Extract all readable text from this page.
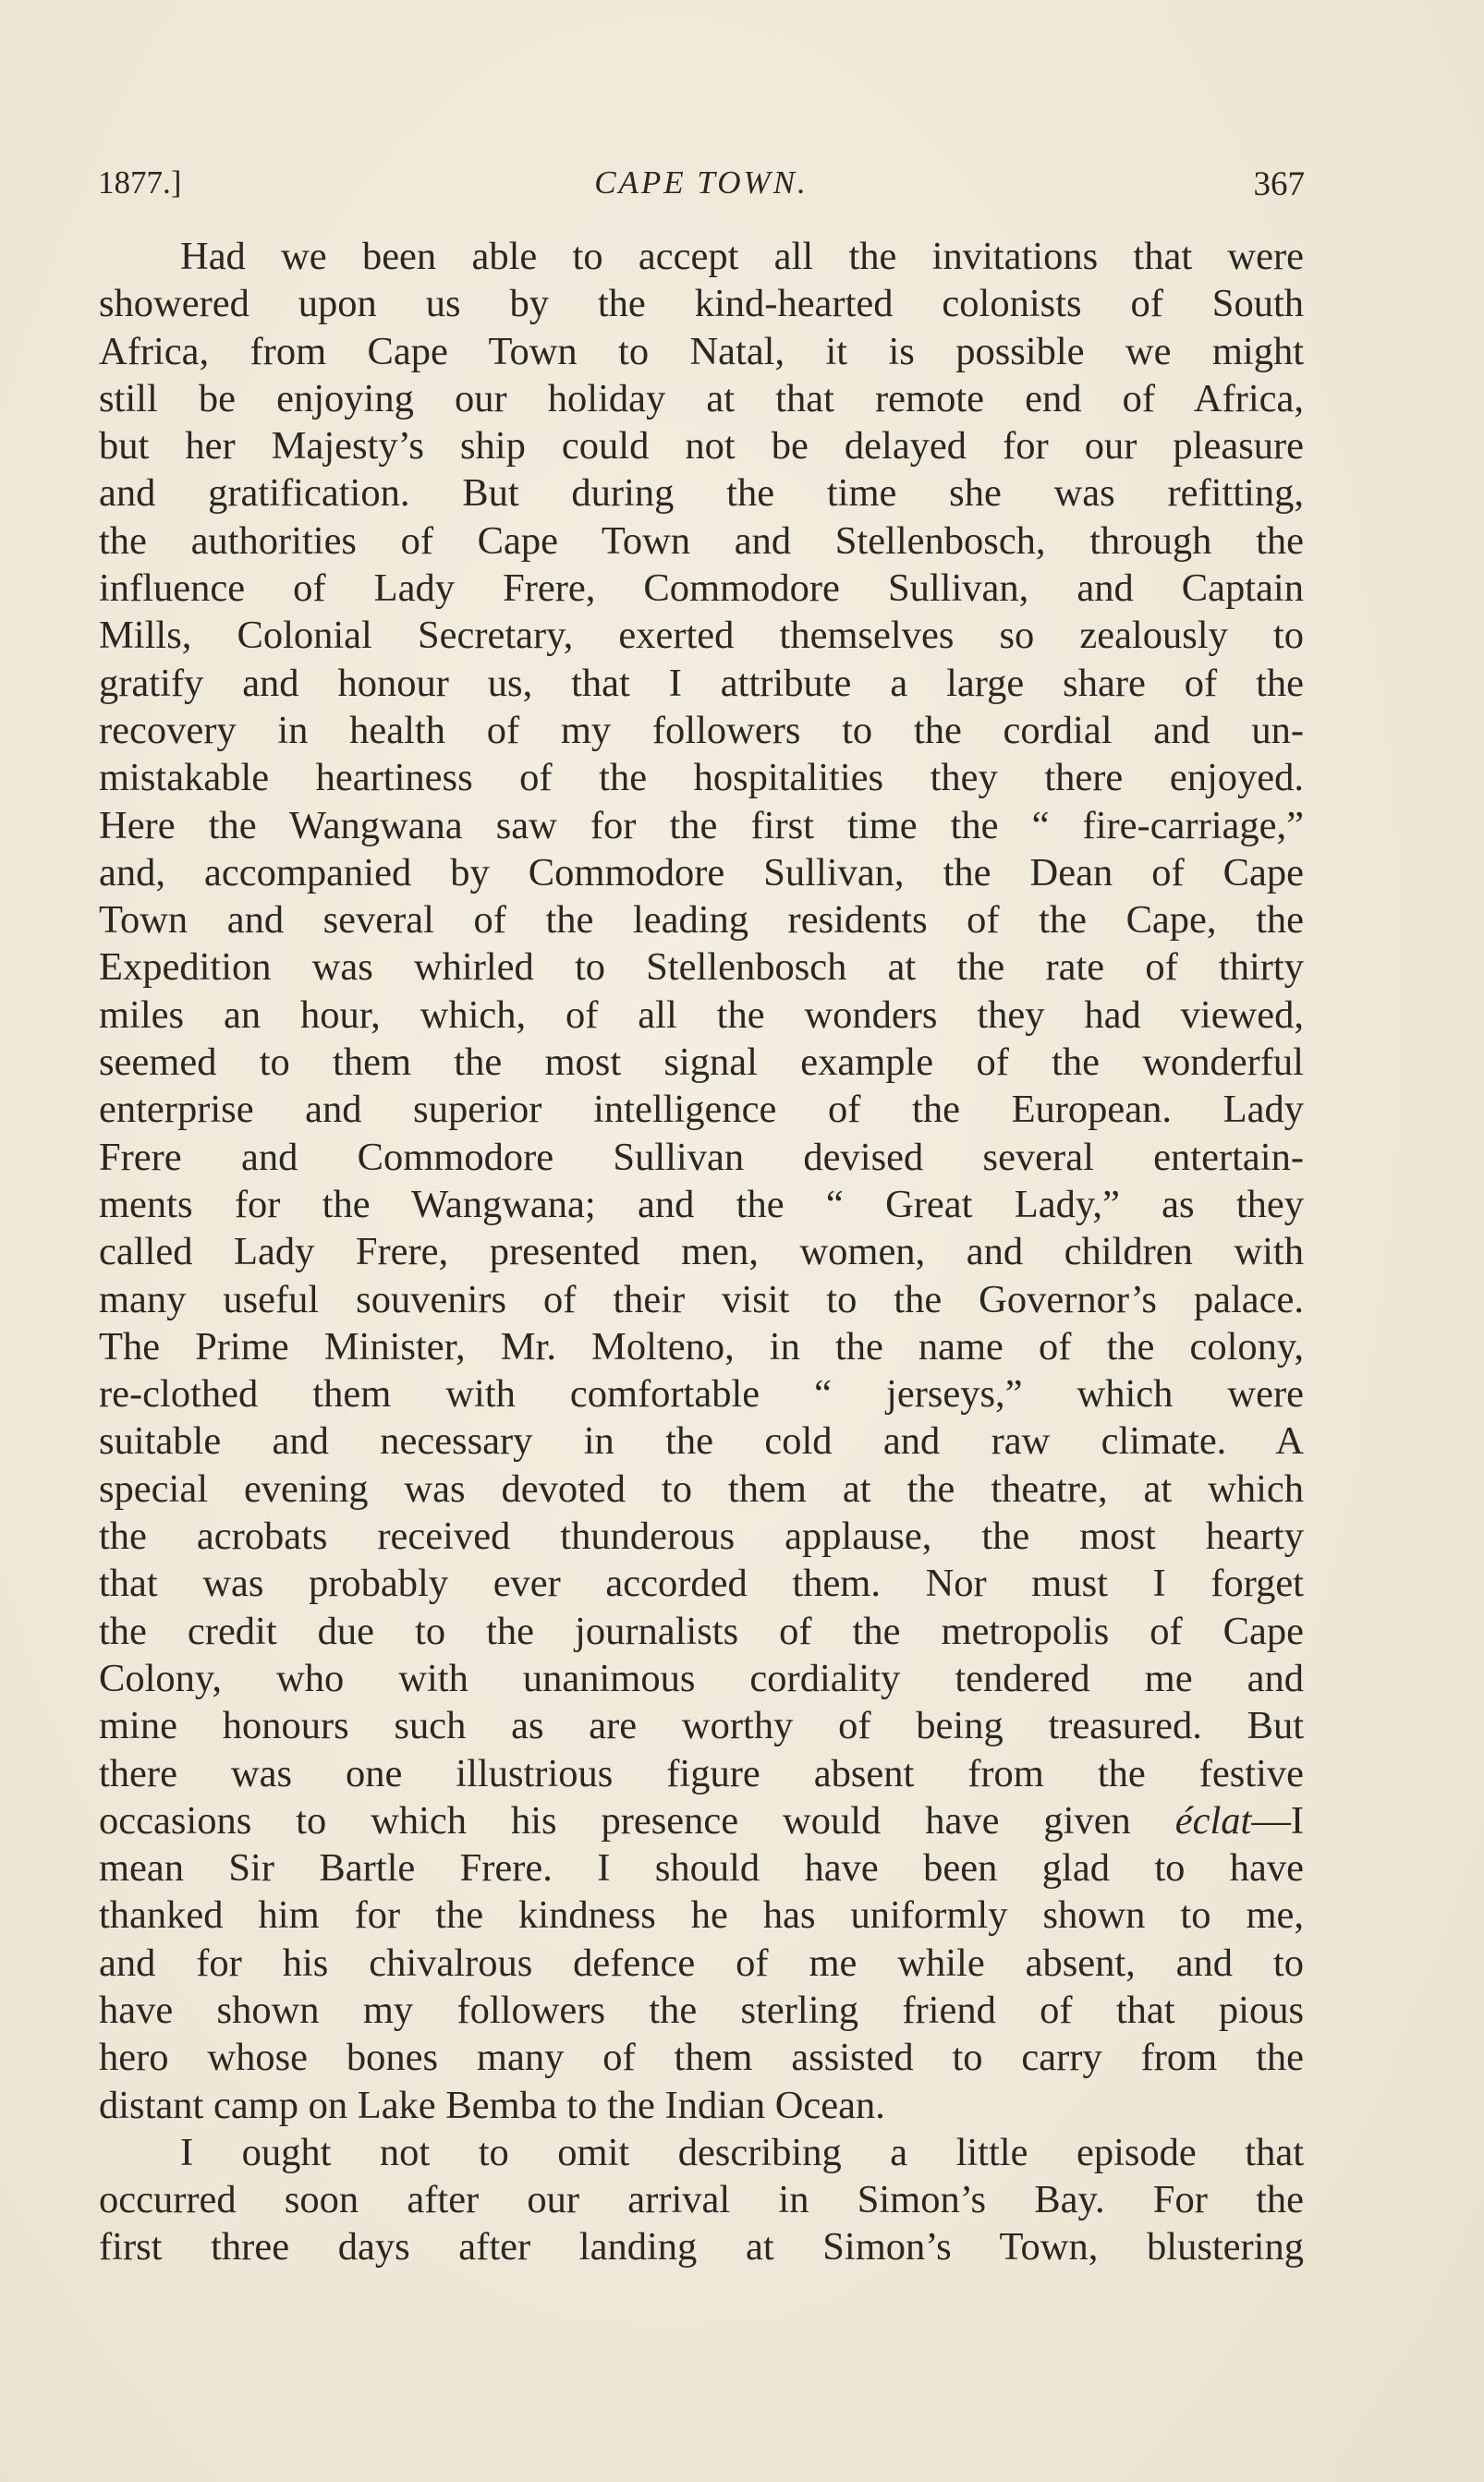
1877.]	CAPE TOWN.	367
Had we been able to accept all the invitations that were
showered upon us by the kind-hearted colonists of South
Africa, from Cape Town to Natal, it is possible we might
still be enjoying our holiday at that remote end of Africa,
but her Majesty’s ship could not be delayed for our pleasure
and gratification. But during the time she was refitting,
the authorities of Cape Town and Stellenbosch, through the
influence of Lady Frere, Commodore Sullivan, and Captain
Mills, Colonial Secretary, exerted themselves so zealously to
gratify and honour us, that I attribute a large share of the
recovery in health of my followers to the cordial and un-
mistakable heartiness of the hospitalities they there enjoyed.
Here the Wangwana saw for the first time the “ fire-carriage,”
and, accompanied by Commodore Sullivan, the Dean of Cape
Town and several of the leading residents of the Cape, the
Expedition was whirled to Stellenbosch at the rate of thirty
miles an hour, which, of all the wonders they had viewed,
seemed to them the most signal example of the wonderful
enterprise and superior intelligence of the European. Lady
Frere and Commodore Sullivan devised several entertain-
ments for the Wangwana; and the “ Great Lady,” as they
called Lady Frere, presented men, women, and children with
many useful souvenirs of their visit to the Governor’s palace.
The Prime Minister, Mr. Molteno, in the name of the colony,
re-clothed them with comfortable “ jerseys,” which were
suitable and necessary in the cold and raw climate. A
special evening was devoted to them at the theatre, at which
the acrobats received thunderous applause, the most hearty
that was probably ever accorded them. Nor must I forget
the credit due to the journalists of the metropolis of Cape
Colony, who with unanimous cordiality tendered me and
mine honours such as are worthy of being treasured. But
there was one illustrious figure absent from the festive
occasions to which his presence would have given éclat—I
mean Sir Bartle Frere. I should have been glad to have
thanked him for the kindness he has uniformly shown to me,
and for his chivalrous defence of me while absent, and to
have shown my followers the sterling friend of that pious
hero whose bones many of them assisted to carry from the
distant camp on Lake Bemba to the Indian Ocean.
I ought not to omit describing a little episode that
occurred soon after our arrival in Simon’s Bay. For the
first three days after landing at Simon’s Town, blustering
